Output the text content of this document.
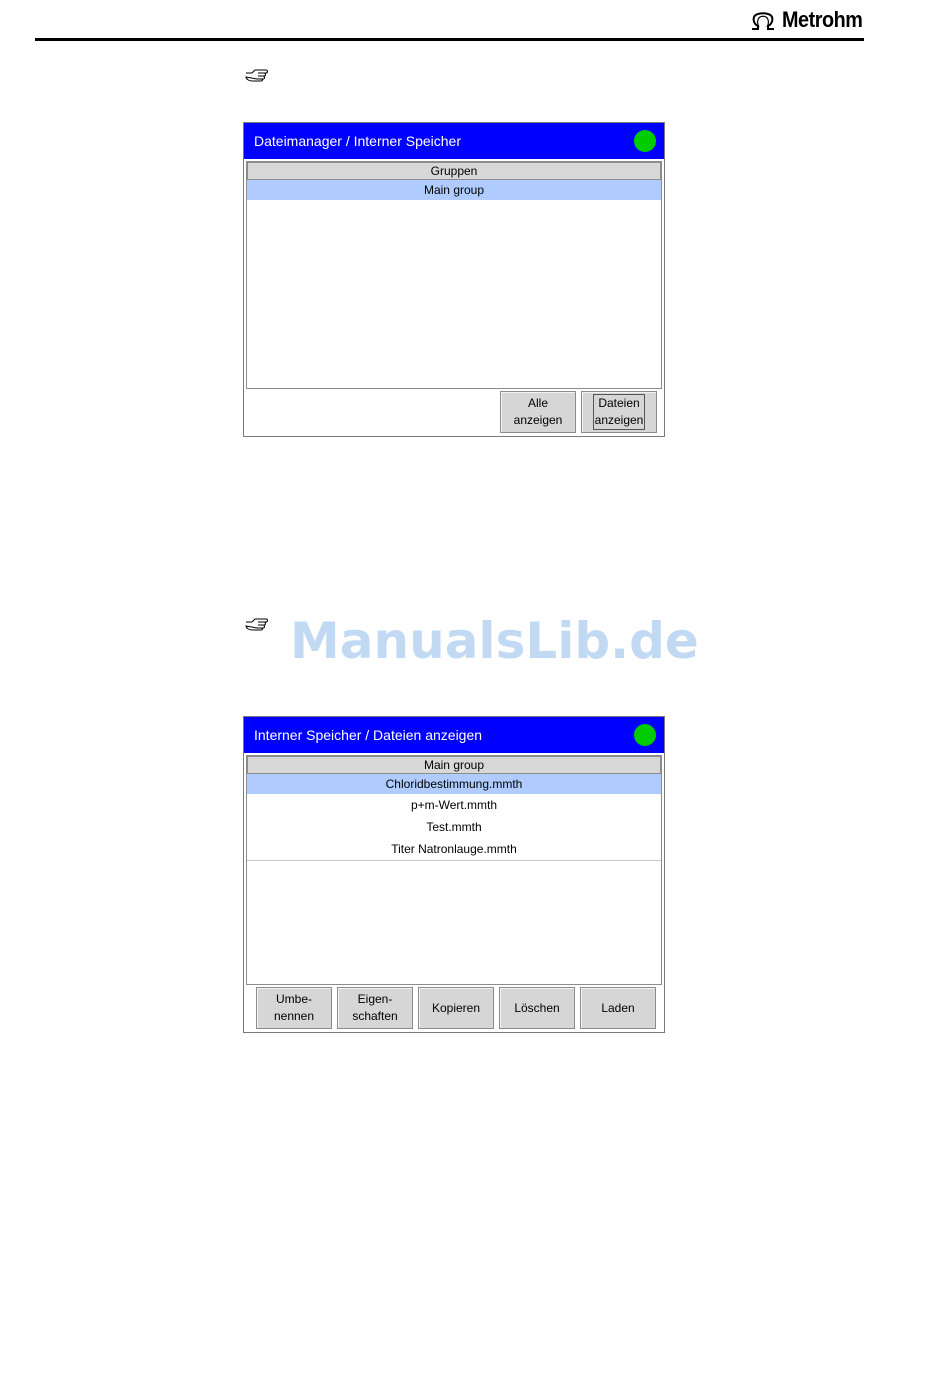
Metrohm
Dateimanager / Interner Speicher
Gruppen
Main group
Alle
anzeigen
Dateien
anzeigen
ManualsLib.de
Interner Speicher / Dateien anzeigen
Main group
Chloridbestimmung.mmth
p+m-Wert.mmth
Test.mmth
Titer Natronlauge.mmth
Umbe-
nennen
Eigen-
schaften
Kopieren	Löschen	Laden
